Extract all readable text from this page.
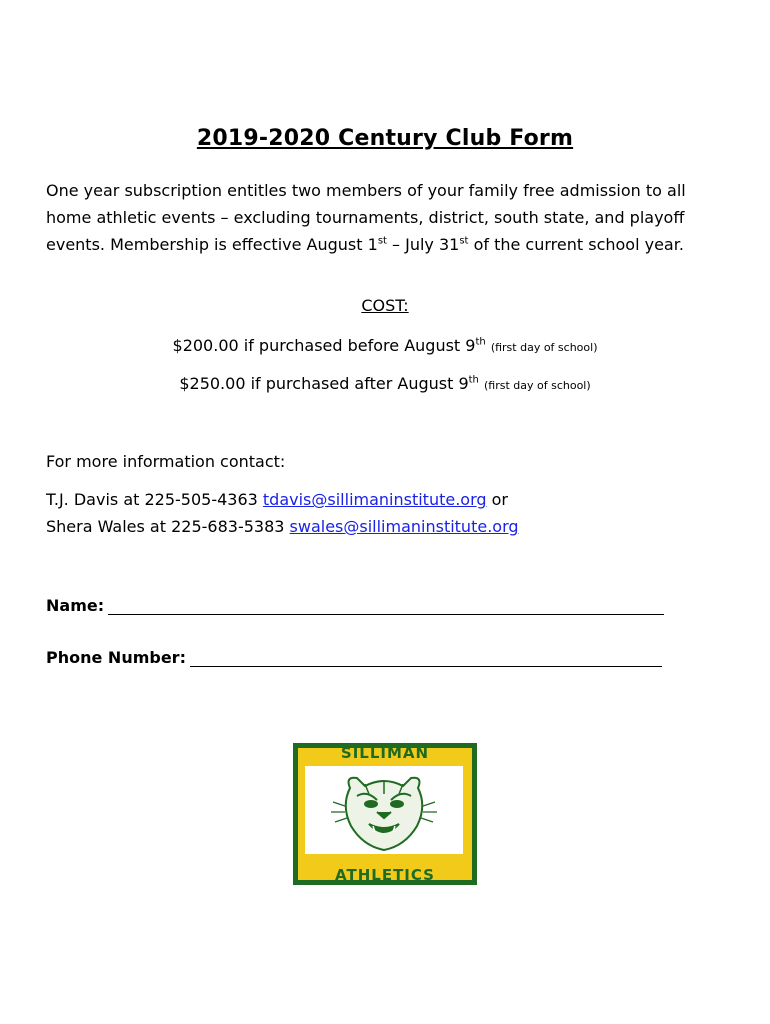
2019-2020 Century Club Form
One year subscription entitles two members of your family free admission to all home athletic events – excluding tournaments, district, south state, and playoff events. Membership is effective August 1st – July 31st of the current school year.
COST:
$200.00 if purchased before August 9th (first day of school)
$250.00 if purchased after August 9th (first day of school)
For more information contact:
T.J. Davis at 225-505-4363 tdavis@sillimaninstitute.org or
Shera Wales at 225-683-5383 swales@sillimaninstitute.org
Name:
Phone Number:
SILLIMAN
ATHLETICS
